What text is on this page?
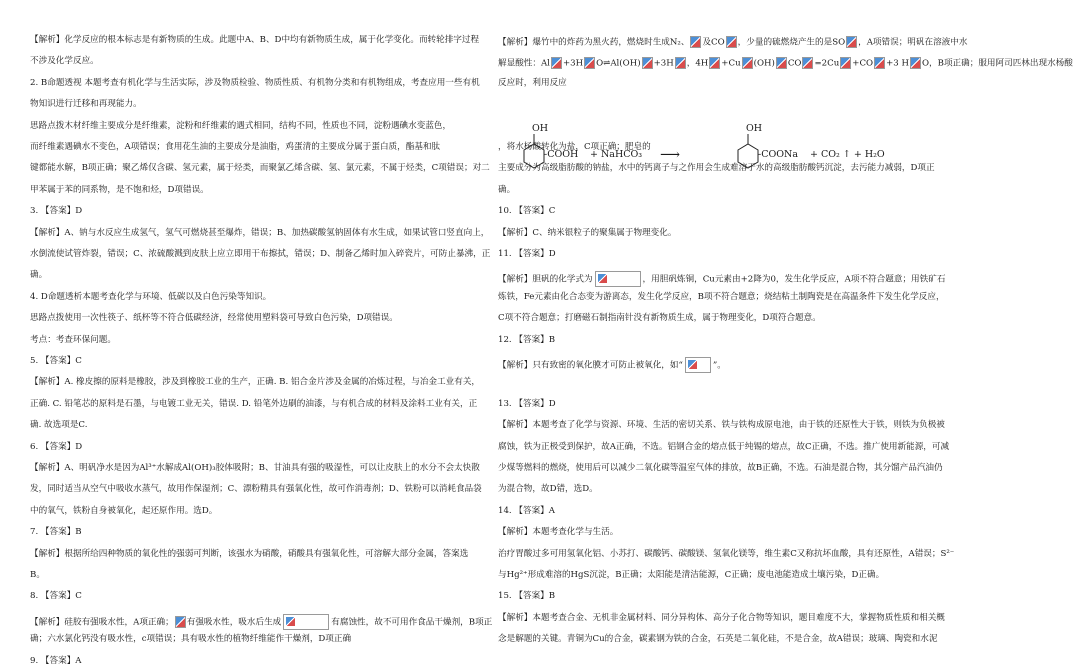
【解析】化学反应的根本标志是有新物质的生成。此题中A、B、D中均有新物质生成，属于化学变化。而转轮排字过程
不涉及化学反应。
2. B命题透视 本题考查有机化学与生活实际，涉及物质检验、物质性质、有机物分类和有机物组成，考查应用一些有机
物知识进行迁移和再现能力。
思路点拨木材纤维主要成分是纤维素，淀粉和纤维素的遇式相同，结构不同，性质也不同，淀粉遇碘水变蓝色，
而纤维素遇碘水不变色，A项错误；食用花生油的主要成分是油脂，鸡蛋清的主要成分属于蛋白质，酯基和肽
键都能水解，B项正确；聚乙烯仅含碳、氢元素，属于烃类，而聚氯乙烯含碳、氢、氯元素，不属于烃类，C项错误；对二
甲苯属于苯的同系物，是不饱和烃，D项错误。
3. 【答案】D
【解析】A、钠与水反应生成氢气，氢气可燃烧甚至爆炸，错误；B、加热碳酸氢钠固体有水生成，如果试管口竖直向上，
水倒流使试管炸裂，错误；C、浓硫酸溅到皮肤上应立即用干布擦拭，错误；D、制备乙烯时加入碎瓷片，可防止暴沸，正
确。
4. D命题透析本题考查化学与环境、低碳以及白色污染等知识。
思路点拨使用一次性筷子、纸杯等不符合低碳经济，经常使用塑料袋可导致白色污染，D项错误。
考点：考查环保问题。
5. 【答案】C
【解析】A. 橡皮擦的原料是橡胶，涉及到橡胶工业的生产，正确. B. 铝合金片涉及金属的冶炼过程，与冶金工业有关，
正确. C. 铅笔芯的原料是石墨，与电镀工业无关，错误. D. 铅笔外边刷的油漆，与有机合成的材料及涂料工业有关，正
确. 故选项是C.
6. 【答案】D
【解析】A、明矾净水是因为Al³⁺水解成Al(OH)₃胶体吸附；B、甘油具有强的吸湿性，可以让皮肤上的水分不会太快散
发，同时适当从空气中吸收水蒸气，故用作保湿剂；C、漂粉精具有强氧化性，故可作消毒剂；D、铁粉可以消耗食品袋
中的氧气，铁粉自身被氧化，起还原作用。选D。
7. 【答案】B
【解析】根据所给四种物质的氧化性的强弱可判断，该强水为硝酸，硝酸具有强氧化性，可溶解大部分金属，答案选
B。
8. 【答案】C
【解析】硅胶有强吸水性，A项正确； 有强吸水性，吸水后生成	有腐蚀性，故不可用作食品干燥剂，B项正
确；六水氯化钙没有吸水性，c项错误；具有吸水性的植物纤维能作干燥剂，D项正确
9. 【答案】A
【解析】爆竹中的炸药为黑火药，燃烧时生成N₂、 及CO ，少量的硫燃烧产生的是SO ，A项错误；明矾在溶液中水
解显酸性：Al +3H O⇌Al(OH) +3H ，4H +Cu (OH) CO =2Cu +CO +3 H O，B项正确；服用阿司匹林出现水杨酸
反应时，利用反应
，将水杨酸转化为盐，C项正确；肥皂的
主要成分为高级脂肪酸的钠盐，水中的钙离子与之作用会生成难溶于水的高级脂肪酸钙沉淀，去污能力减弱，D项正
确。
10. 【答案】C
【解析】C、纳米银粒子的聚集属于物理变化。
11. 【答案】D
【解析】胆矾的化学式为	，用胆矾炼铜，Cu元素由+2降为0，发生化学反应，A项不符合题意；用铁矿石
炼铁，Fe元素由化合态变为游离态，发生化学反应，B项不符合题意；烧结粘土制陶瓷是在高温条件下发生化学反应，
C项不符合题意；打磨磁石制指南针没有新物质生成，属于物理变化，D项符合题意。
12. 【答案】B
【解析】只有致密的氧化膜才可防止被氧化，如“	”。
13. 【答案】D
【解析】本题考查了化学与资源、环境、生活的密切关系、铁与铁构成原电池，由于铁的还原性大于铁，则铁为负极被
腐蚀，铁为正极受到保护，故A正确，不选。铝钢合金的熔点低于纯锡的熔点，故C正确，不选。推广使用新能源，可减
少煤等燃料的燃烧，使用后可以减少二氧化碳等温室气体的排放，故B正确，不选。石油是混合物，其分馏产品汽油仍
为混合物，故D错，选D。
14. 【答案】A
【解析】本题考查化学与生活。
治疗胃酸过多可用氢氧化铝、小苏打、碳酸钙、碳酸镁、氢氧化镁等，维生素C又称抗坏血酸，具有还原性，A错误；S²⁻
与Hg²⁺形成难溶的HgS沉淀，B正确；太阳能是清洁能源，C正确；废电池能造成土壤污染，D正确。
15. 【答案】B
【解析】本题考查合金、无机非金属材料、同分异构体、高分子化合物等知识，题目难度不大，掌握物质性质和相关概
念是解题的关键。青铜为Cu的合金，碳素钢为铁的合金，石英是二氧化硅，不是合金，故A错误；玻璃、陶瓷和水泥
OH
-COOH + NaHCO₃ ⟶
OH
-COONa + CO₂ ↑ + H₂O
